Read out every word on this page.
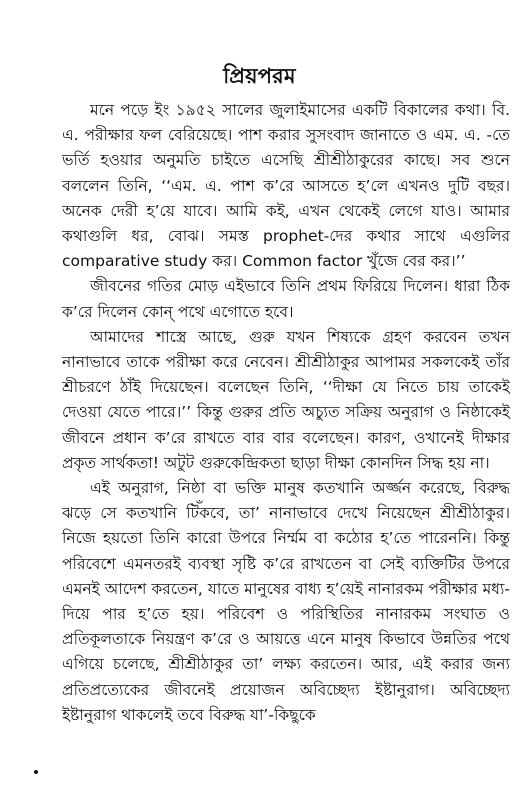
প্রিয়পরম

মনে পড়ে ইং ১৯৫২ সালের জুলাইমাসের একটি বিকালের কথা। বি. এ. পরীক্ষার ফল বেরিয়েছে। পাশ করার সুসংবাদ জানাতে ও এম. এ. -তে ভর্তি হওয়ার অনুমতি চাইতে এসেছি শ্রীশ্রীঠাকুরের কাছে। সব শুনে বললেন তিনি, ‘‘এম. এ. পাশ ক’রে আসতে হ’লে এখনও দুটি বছর। অনেক দেরী হ’য়ে যাবে। আমি কই, এখন থেকেই লেগে যাও। আমার কথাগুলি ধর, বোঝ। সমস্ত prophet-দের কথার সাথে এগুলির comparative study কর। Common factor খুঁজে বের কর।’’

জীবনের গতির মোড় এইভাবে তিনি প্রথম ফিরিয়ে দিলেন। ধারা ঠিক ক’রে দিলেন কোন্ পথে এগোতে হবে।

আমাদের শাস্ত্রে আছে, গুরু যখন শিষ্যকে গ্রহণ করবেন তখন নানাভাবে তাকে পরীক্ষা করে নেবেন। শ্রীশ্রীঠাকুর আপামর সকলকেই তাঁর শ্রীচরণে ঠাঁই দিয়েছেন। বলেছেন তিনি, ‘‘দীক্ষা যে নিতে চায় তাকেই দেওয়া যেতে পারে।’’ কিন্তু গুরুর প্রতি অচ্যুত সক্রিয় অনুরাগ ও নিষ্ঠাকেই জীবনে প্রধান ক’রে রাখতে বার বার বলেছেন। কারণ, ওখানেই দীক্ষার প্রকৃত সার্থকতা! অটুট গুরুকেন্দ্রিকতা ছাড়া দীক্ষা কোনদিন সিদ্ধ হয় না।

এই অনুরাগ, নিষ্ঠা বা ভক্তি মানুষ কতখানি অর্জ্জন করেছে, বিরুদ্ধ ঝড়ে সে কতখানি টিঁকবে, তা’ নানাভাবে দেখে নিয়েছেন শ্রীশ্রীঠাকুর। নিজে হয়তো তিনি কারো উপরে নির্ম্মম বা কঠোর হ’তে পারেননি। কিন্তু পরিবেশে এমনতরই ব্যবস্থা সৃষ্টি ক’রে রাখতেন বা সেই ব্যক্তিটির উপরে এমনই আদেশ করতেন, যাতে মানুষের বাধ্য হ’য়েই নানারকম পরীক্ষার মধ্য-দিয়ে পার হ’তে হয়। পরিবেশ ও পরিস্থিতির নানারকম সংঘাত ও প্রতিকূলতাকে নিয়ন্ত্রণ ক’রে ও আয়ত্তে এনে মানুষ কিভাবে উন্নতির পথে এগিয়ে চলেছে, শ্রীশ্রীঠাকুর তা’ লক্ষ্য করতেন। আর, এই করার জন্য প্রতিপ্রত্যেকের জীবনেই প্রয়োজন অবিচ্ছেদ্য ইষ্টানুরাগ। অবিচ্ছেদ্য ইষ্টানুরাগ থাকলেই তবে বিরুদ্ধ যা’-কিছুকে
